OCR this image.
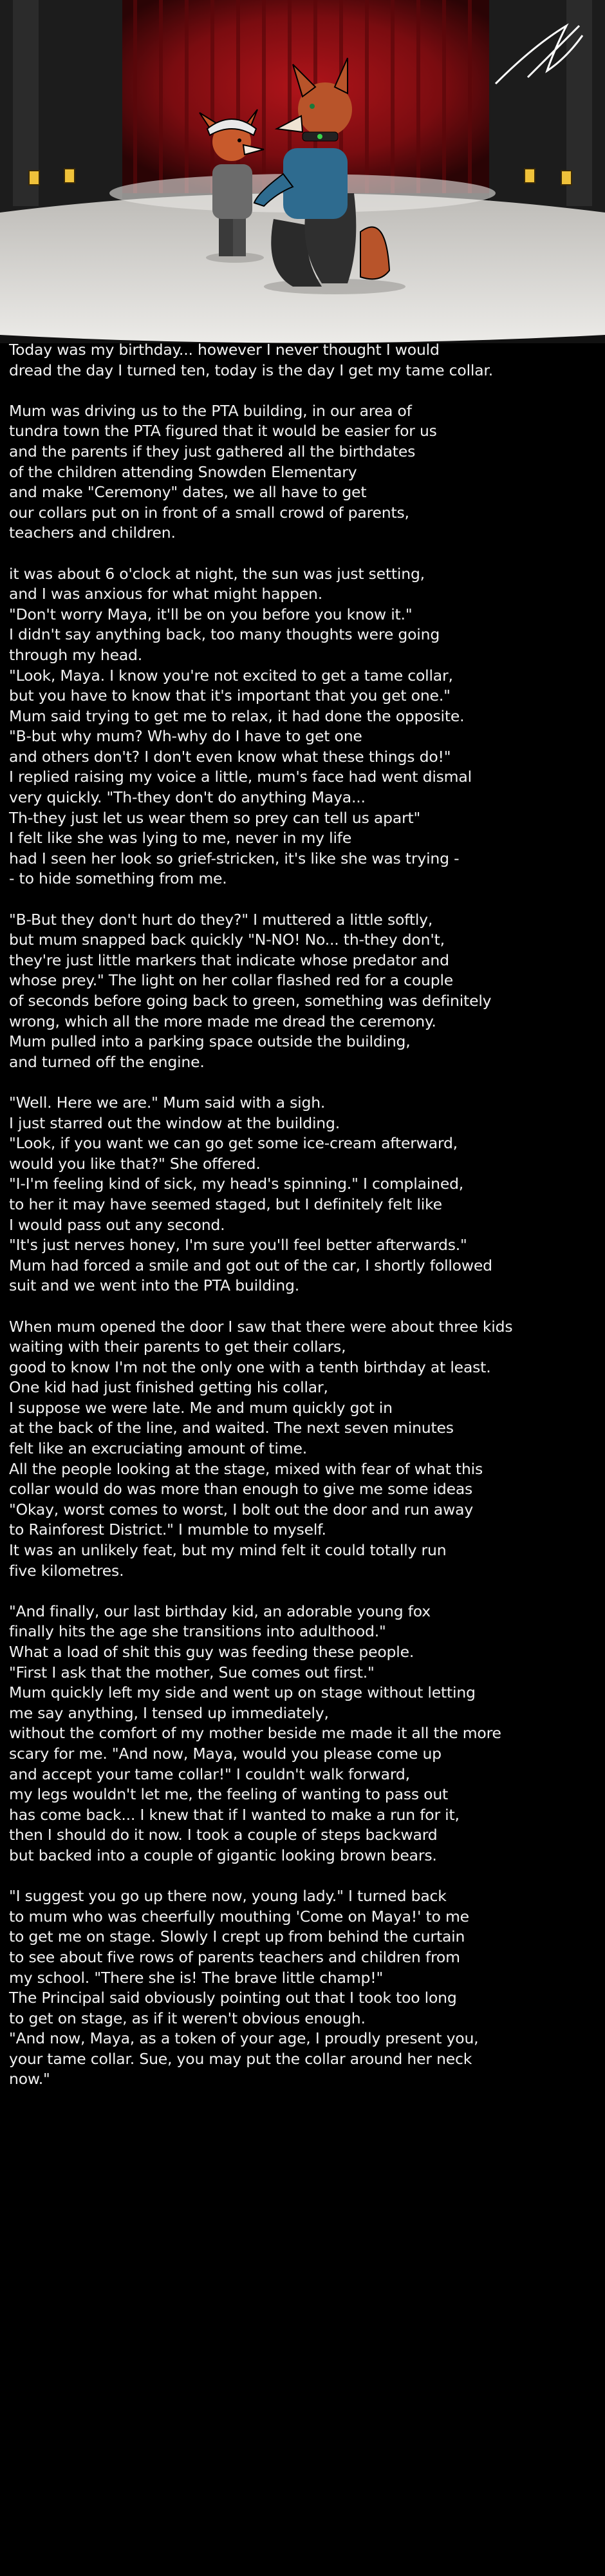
Today was my birthday... however I never thought I would
dread the day I turned ten, today is the day I get my tame collar.
Mum was driving us to the PTA building, in our area of
tundra town the PTA figured that it would be easier for us
and the parents if they just gathered all the birthdates
of the children attending Snowden Elementary
and make "Ceremony" dates, we all have to get
our collars put on in front of a small crowd of parents,
teachers and children.
it was about 6 o'clock at night, the sun was just setting,
and I was anxious for what might happen.
"Don't worry Maya, it'll be on you before you know it."
I didn't say anything back, too many thoughts were going
through my head.
"Look, Maya. I know you're not excited to get a tame collar,
but you have to know that it's important that you get one."
Mum said trying to get me to relax, it had done the opposite.
"B-but why mum? Wh-why do I have to get one
and others don't? I don't even know what these things do!"
I replied raising my voice a little, mum's face had went dismal
very quickly. "Th-they don't do anything Maya...
Th-they just let us wear them so prey can tell us apart"
I felt like she was lying to me, never in my life
had I seen her look so grief-stricken, it's like she was trying -
- to hide something from me.
"B-But they don't hurt do they?" I muttered a little softly,
but mum snapped back quickly "N-NO! No... th-they don't,
they're just little markers that indicate whose predator and
whose prey." The light on her collar flashed red for a couple
of seconds before going back to green, something was definitely
wrong, which all the more made me dread the ceremony.
Mum pulled into a parking space outside the building,
and turned off the engine.
"Well. Here we are." Mum said with a sigh.
I just starred out the window at the building.
"Look, if you want we can go get some ice-cream afterward,
would you like that?" She offered.
"I-I'm feeling kind of sick, my head's spinning." I complained,
to her it may have seemed staged, but I definitely felt like
I would pass out any second.
"It's just nerves honey, I'm sure you'll feel better afterwards."
Mum had forced a smile and got out of the car, I shortly followed
suit and we went into the PTA building.
When mum opened the door I saw that there were about three kids
waiting with their parents to get their collars,
good to know I'm not the only one with a tenth birthday at least.
One kid had just finished getting his collar,
I suppose we were late. Me and mum quickly got in
at the back of the line, and waited. The next seven minutes
felt like an excruciating amount of time.
All the people looking at the stage, mixed with fear of what this
collar would do was more than enough to give me some ideas
"Okay, worst comes to worst, I bolt out the door and run away
to Rainforest District." I mumble to myself.
It was an unlikely feat, but my mind felt it could totally run
five kilometres.
"And finally, our last birthday kid, an adorable young fox
finally hits the age she transitions into adulthood."
What a load of shit this guy was feeding these people.
"First I ask that the mother, Sue comes out first."
Mum quickly left my side and went up on stage without letting
me say anything, I tensed up immediately,
without the comfort of my mother beside me made it all the more
scary for me. "And now, Maya, would you please come up
and accept your tame collar!" I couldn't walk forward,
my legs wouldn't let me, the feeling of wanting to pass out
has come back... I knew that if I wanted to make a run for it,
then I should do it now. I took a couple of steps backward
but backed into a couple of gigantic looking brown bears.
"I suggest you go up there now, young lady." I turned back
to mum who was cheerfully mouthing 'Come on Maya!' to me
to get me on stage. Slowly I crept up from behind the curtain
to see about five rows of parents teachers and children from
my school. "There she is! The brave little champ!"
The Principal said obviously pointing out that I took too long
to get on stage, as if it weren't obvious enough.
"And now, Maya, as a token of your age, I proudly present you,
your tame collar. Sue, you may put the collar around her neck
now."
